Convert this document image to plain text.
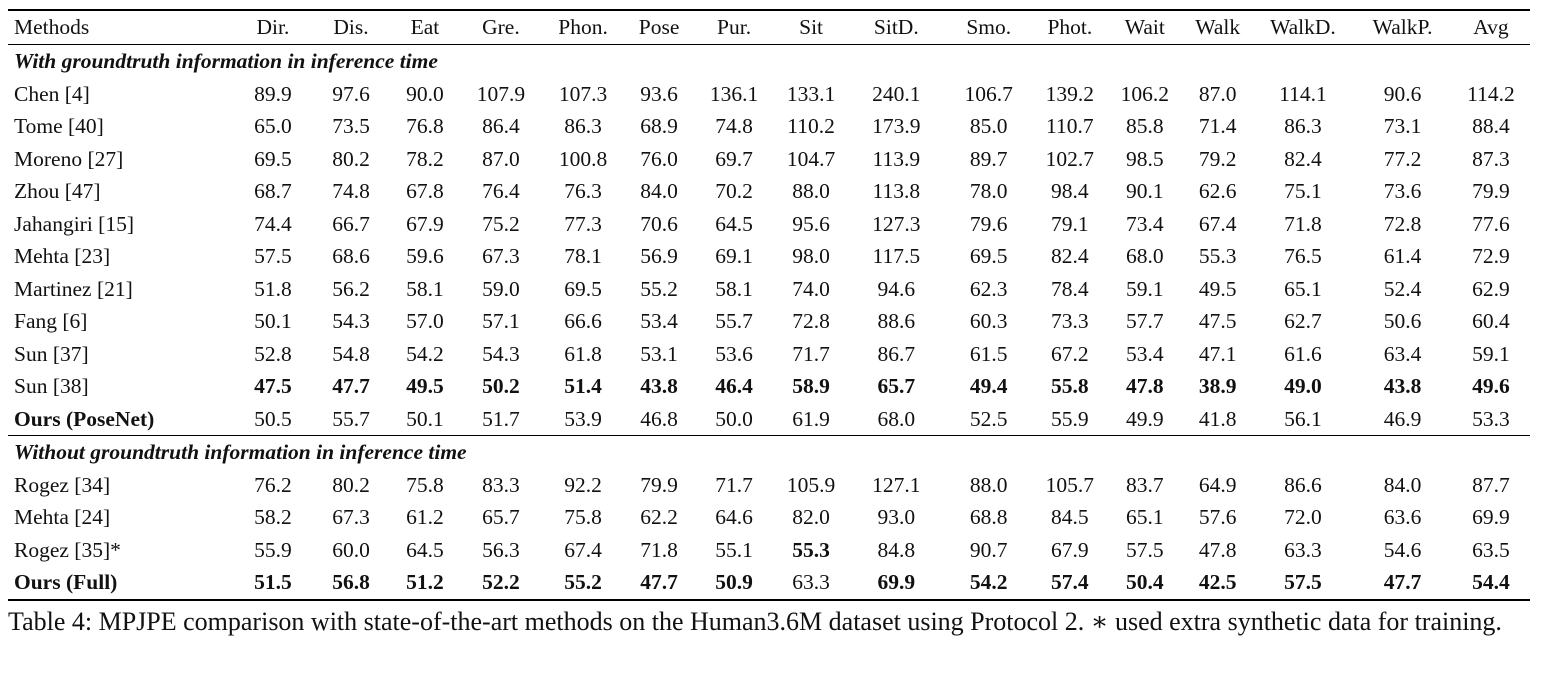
Methods	Dir.	Dis.	Eat	Gre.	Phon.	Pose	Pur.	Sit	SitD.	Smo.	Phot.	Wait	Walk	WalkD.	WalkP.	Avg
With groundtruth information in inference time																
Chen [4]	89.9	97.6	90.0	107.9	107.3	93.6	136.1	133.1	240.1	106.7	139.2	106.2	87.0	114.1	90.6	114.2
Tome [40]	65.0	73.5	76.8	86.4	86.3	68.9	74.8	110.2	173.9	85.0	110.7	85.8	71.4	86.3	73.1	88.4
Moreno [27]	69.5	80.2	78.2	87.0	100.8	76.0	69.7	104.7	113.9	89.7	102.7	98.5	79.2	82.4	77.2	87.3
Zhou [47]	68.7	74.8	67.8	76.4	76.3	84.0	70.2	88.0	113.8	78.0	98.4	90.1	62.6	75.1	73.6	79.9
Jahangiri [15]	74.4	66.7	67.9	75.2	77.3	70.6	64.5	95.6	127.3	79.6	79.1	73.4	67.4	71.8	72.8	77.6
Mehta [23]	57.5	68.6	59.6	67.3	78.1	56.9	69.1	98.0	117.5	69.5	82.4	68.0	55.3	76.5	61.4	72.9
Martinez [21]	51.8	56.2	58.1	59.0	69.5	55.2	58.1	74.0	94.6	62.3	78.4	59.1	49.5	65.1	52.4	62.9
Fang [6]	50.1	54.3	57.0	57.1	66.6	53.4	55.7	72.8	88.6	60.3	73.3	57.7	47.5	62.7	50.6	60.4
Sun [37]	52.8	54.8	54.2	54.3	61.8	53.1	53.6	71.7	86.7	61.5	67.2	53.4	47.1	61.6	63.4	59.1
Sun [38]	47.5	47.7	49.5	50.2	51.4	43.8	46.4	58.9	65.7	49.4	55.8	47.8	38.9	49.0	43.8	49.6
Ours (PoseNet)	50.5	55.7	50.1	51.7	53.9	46.8	50.0	61.9	68.0	52.5	55.9	49.9	41.8	56.1	46.9	53.3
Without groundtruth information in inference time																
Rogez [34]	76.2	80.2	75.8	83.3	92.2	79.9	71.7	105.9	127.1	88.0	105.7	83.7	64.9	86.6	84.0	87.7
Mehta [24]	58.2	67.3	61.2	65.7	75.8	62.2	64.6	82.0	93.0	68.8	84.5	65.1	57.6	72.0	63.6	69.9
Rogez [35]*	55.9	60.0	64.5	56.3	67.4	71.8	55.1	55.3	84.8	90.7	67.9	57.5	47.8	63.3	54.6	63.5
Ours (Full)	51.5	56.8	51.2	52.2	55.2	47.7	50.9	63.3	69.9	54.2	57.4	50.4	42.5	57.5	47.7	54.4
Table 4: MPJPE comparison with state-of-the-art methods on the Human3.6M dataset using Protocol 2. ∗ used extra synthetic data for training.
